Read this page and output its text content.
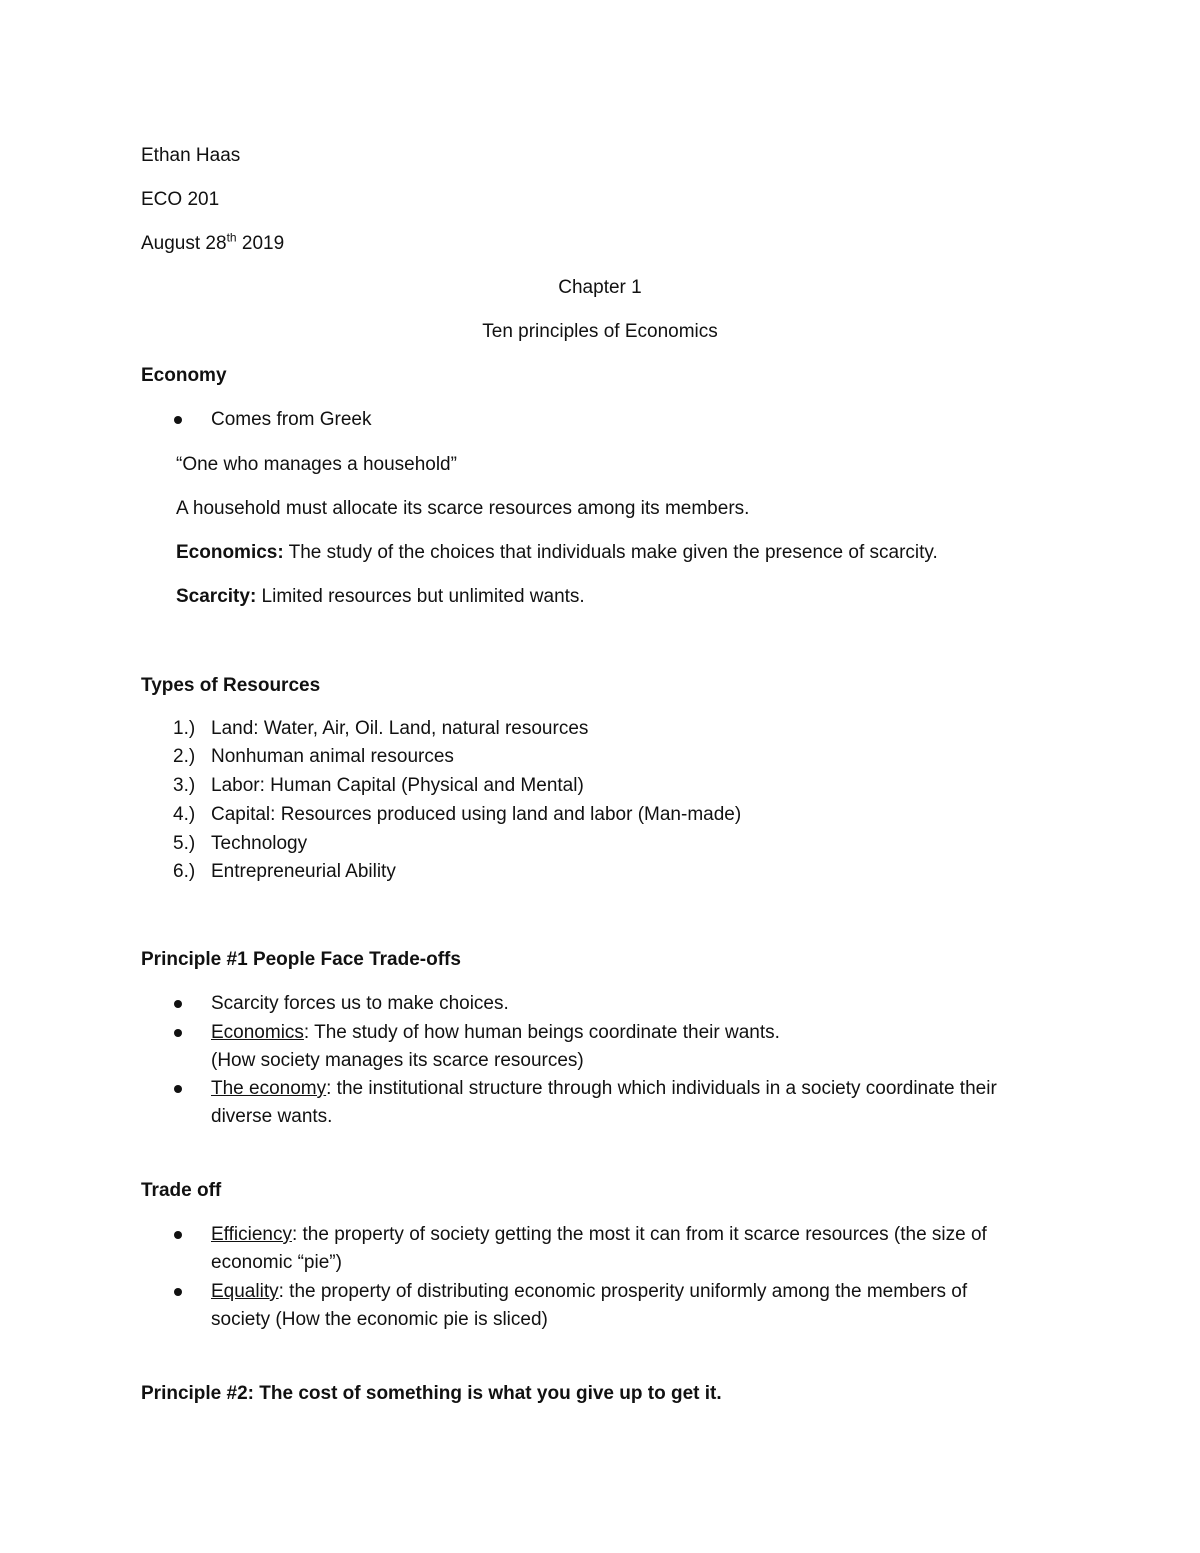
Ethan Haas
ECO 201
August 28th 2019
Chapter 1
Ten principles of Economics
Economy
Comes from Greek
“One who manages a household”
A household must allocate its scarce resources among its members.
Economics: The study of the choices that individuals make given the presence of scarcity.
Scarcity: Limited resources but unlimited wants.
Types of Resources
1.) Land: Water, Air, Oil. Land, natural resources
2.) Nonhuman animal resources
3.) Labor: Human Capital (Physical and Mental)
4.) Capital: Resources produced using land and labor (Man-made)
5.) Technology
6.) Entrepreneurial Ability
Principle #1 People Face Trade-offs
Scarcity forces us to make choices.
Economics: The study of how human beings coordinate their wants.
(How society manages its scarce resources)
The economy: the institutional structure through which individuals in a society coordinate their
diverse wants.
Trade off
Efficiency: the property of society getting the most it can from it scarce resources (the size of
economic “pie”)
Equality: the property of distributing economic prosperity uniformly among the members of
society (How the economic pie is sliced)
Principle #2: The cost of something is what you give up to get it.
